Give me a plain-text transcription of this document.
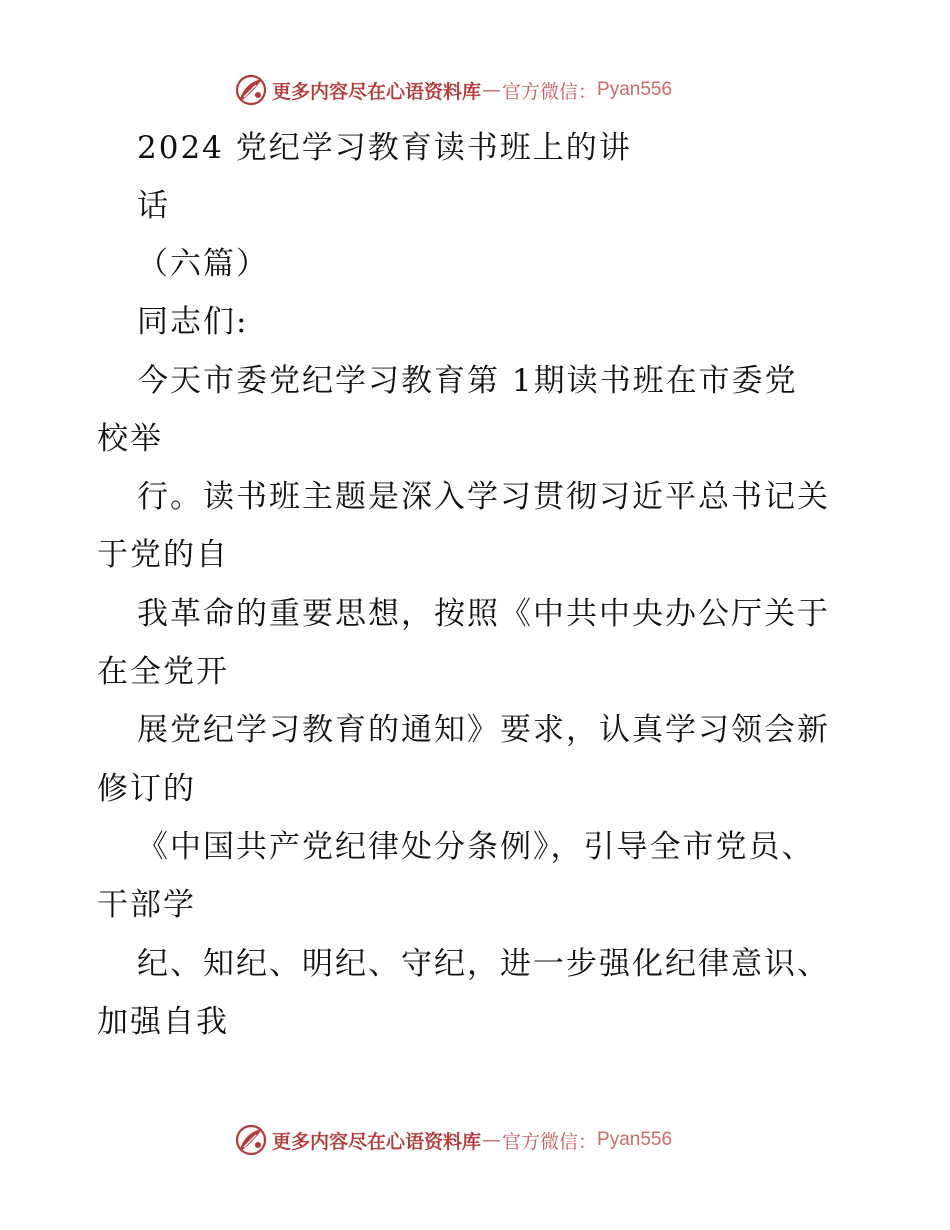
更多内容尽在心语资料库 — 官方微信： Pyan556
2024 党纪学习教育读书班上的讲
话
（六篇）
同志们:
今天市委党纪学习教育第 1期读书班在市委党
校举
行。读书班主题是深入学习贯彻习近平总书记关
于党的自
我革命的重要思想，按照《中共中央办公厅关于
在全党开
展党纪学习教育的通知》要求，认真学习领会新
修订的
《中国共产党纪律处分条例》，引导全市党员、
干部学
纪、知纪、明纪、守纪，进一步强化纪律意识、
加强自我
更多内容尽在心语资料库 — 官方微信： Pyan556
